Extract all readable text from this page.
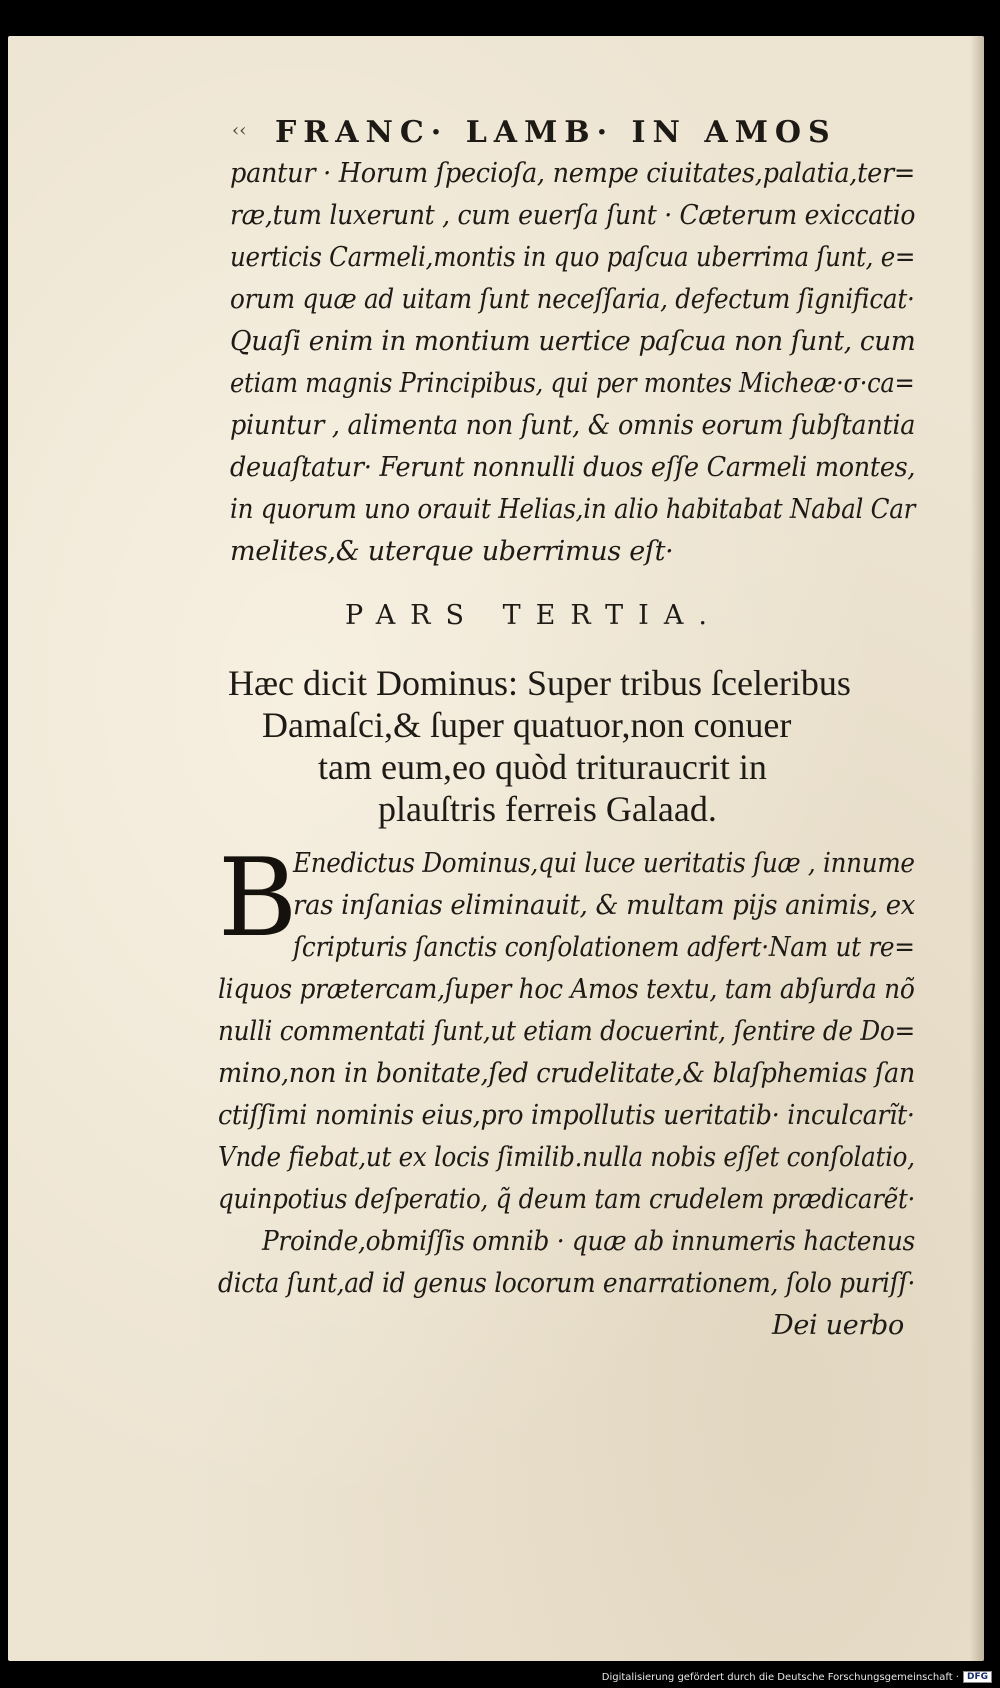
‹‹ FRANC· LAMB· IN AMOS
pantur · Horum ſpecioſa, nempe ciuitates,palatia,ter=
ræ,tum luxerunt , cum euerſa ſunt · Cæterum exiccatio
uerticis Carmeli,montis in quo paſcua uberrima ſunt, e=
orum quæ ad uitam ſunt neceſſaria, defectum ſignificat·
Quaſi enim in montium uertice paſcua non ſunt, cum
etiam magnis Principibus, qui per montes Micheæ·σ·ca=
piuntur , alimenta non ſunt, & omnis eorum ſubſtantia
deuaſtatur· Ferunt nonnulli duos eſſe Carmeli montes,
in quorum uno orauit Helias,in alio habitabat Nabal Car
melites,& uterque uberrimus eſt·
PARS TERTIA.
Hæc dicit Dominus: Super tribus ſceleribus
Damaſci,& ſuper quatuor,non conuer
tam eum,eo quòd trituraucrit in
plauſtris ferreis Galaad.
B
Enedictus Dominus,qui luce ueritatis ſuæ , innume
ras inſanias eliminauit, & multam pijs animis, ex
ſcripturis ſanctis conſolationem adfert·Nam ut re=
liquos prætercam,ſuper hoc Amos textu, tam abſurda nõ
nulli commentati ſunt,ut etiam docuerint, ſentire de Do=
mino,non in bonitate,ſed crudelitate,& blaſphemias ſan
ctiſſimi nominis eius,pro impollutis ueritatib· inculcarĩt·
Vnde fiebat,ut ex locis ſimilib.nulla nobis eſſet conſolatio,
quinpotius deſperatio, q̃ deum tam crudelem prædicarẽt·
Proinde,obmiſſis omnib · quæ ab innumeris hactenus
dicta ſunt,ad id genus locorum enarrationem, ſolo puriſſ·
Dei uerbo
Digitalisierung gefördert durch die Deutsche Forschungsgemeinschaft · DFG
